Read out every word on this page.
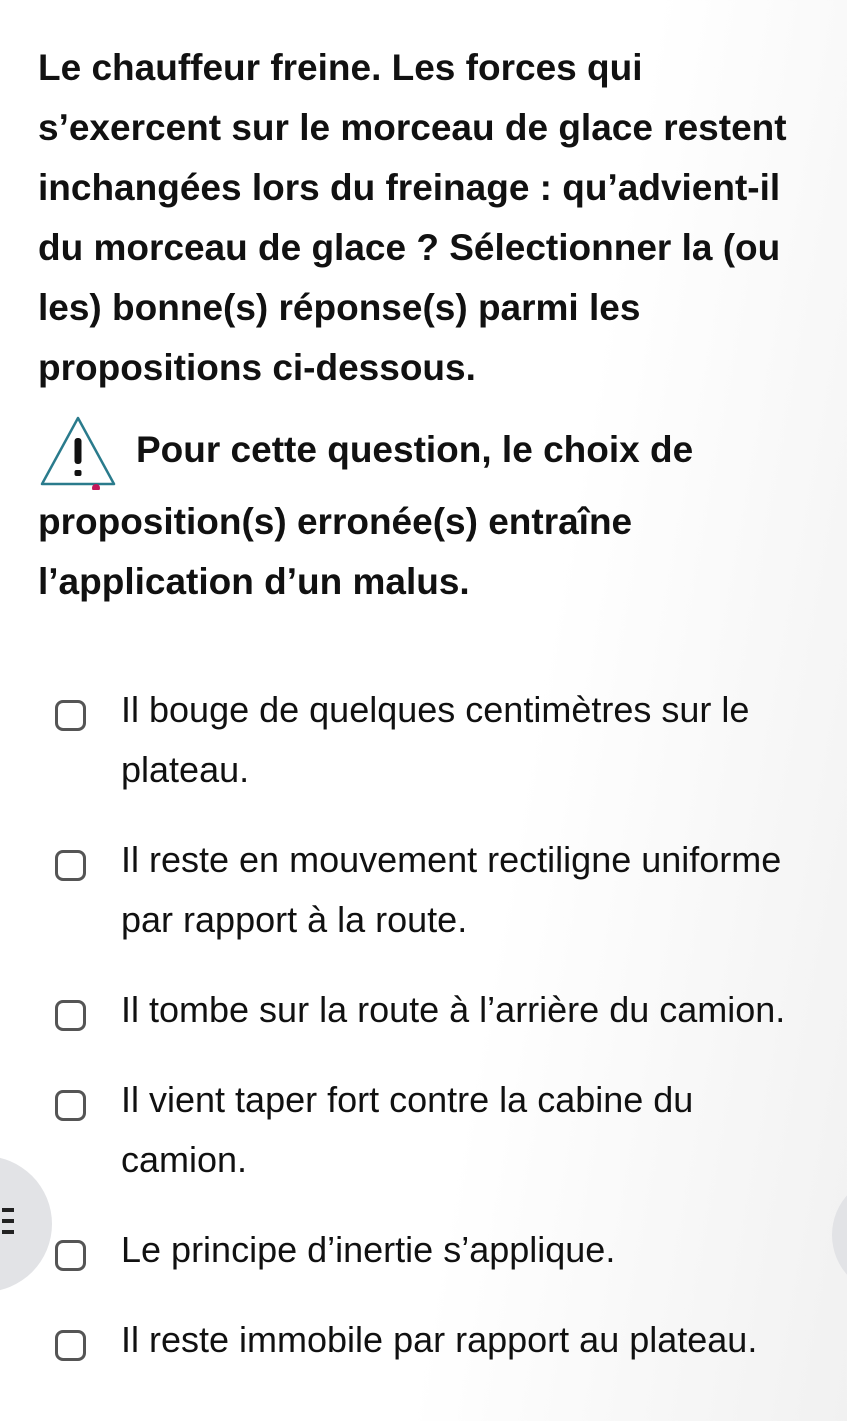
Le chauffeur freine. Les forces qui s’exercent sur le morceau de glace restent inchangées lors du freinage : qu’advient-il du morceau de glace ? Sélectionner la (ou les) bonne(s) réponse(s) parmi les propositions ci-dessous.
Pour cette question, le choix de
proposition(s) erronée(s) entraîne
l’application d’un malus.
Il bouge de quelques centimètres sur le plateau.
Il reste en mouvement rectiligne uniforme par rapport à la route.
Il tombe sur la route à l’arrière du camion.
Il vient taper fort contre la cabine du camion.
Le principe d’inertie s’applique.
Il reste immobile par rapport au plateau.
